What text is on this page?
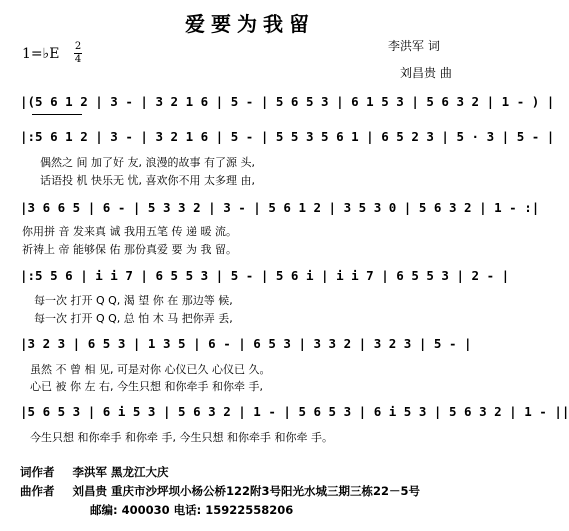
爱要为我留
1=♭E 2
4
李洪军 词
刘昌贵 曲
|(5 6 1 2 | 3 - | 3 2 1 6 | 5 - | 5 6 5 3 | 6 1 5 3 | 5 6 3 2 | 1 - ) |
|:5 6 1 2 | 3 - | 3 2 1 6 | 5 - | 5 5 3 5 6 1 | 6 5 2 3 | 5 · 3 | 5 - |
偶然之 间 加了好 友, 浪漫的故事 有了源 头,
话语投 机 快乐无 忧, 喜欢你不用 太多理 由,
|3 6 6 5 | 6 - | 5 3 3 2 | 3 - | 5 6 1 2 | 3 5 3 0 | 5 6 3 2 | 1 - :|
你用拼 音 发来真 诚 我用五笔 传 递 暖 流。
祈祷上 帝 能够保 佑 那份真爱 要 为 我 留。
|:5 5 6 | i i 7 | 6 5 5 3 | 5 - | 5 6 i | i i 7 | 6 5 5 3 | 2 - |
每一次 打开 Q Q, 渴 望 你 在 那边等 候,
每一次 打开 Q Q, 总 怕 木 马 把你弄 丢,
|3 2 3 | 6 5 3 | 1 3 5 | 6 - | 6 5 3 | 3 3 2 | 3 2 3 | 5 - |
虽然 不 曾 相 见, 可是对你 心仪已久 心仪已 久。
心已 被 你 左 右, 今生只想 和你牵手 和你牵 手,
|5 6 5 3 | 6 i 5 3 | 5 6 3 2 | 1 - | 5 6 5 3 | 6 i 5 3 | 5 6 3 2 | 1 - ||
今生只想 和你牵手 和你牵 手, 今生只想 和你牵手 和你牵 手。
词作者 李洪军 黑龙江大庆
曲作者 刘昌贵 重庆市沙坪坝小杨公桥122附3号阳光水城三期三栋22－5号
邮编: 400030 电话: 15922558206
